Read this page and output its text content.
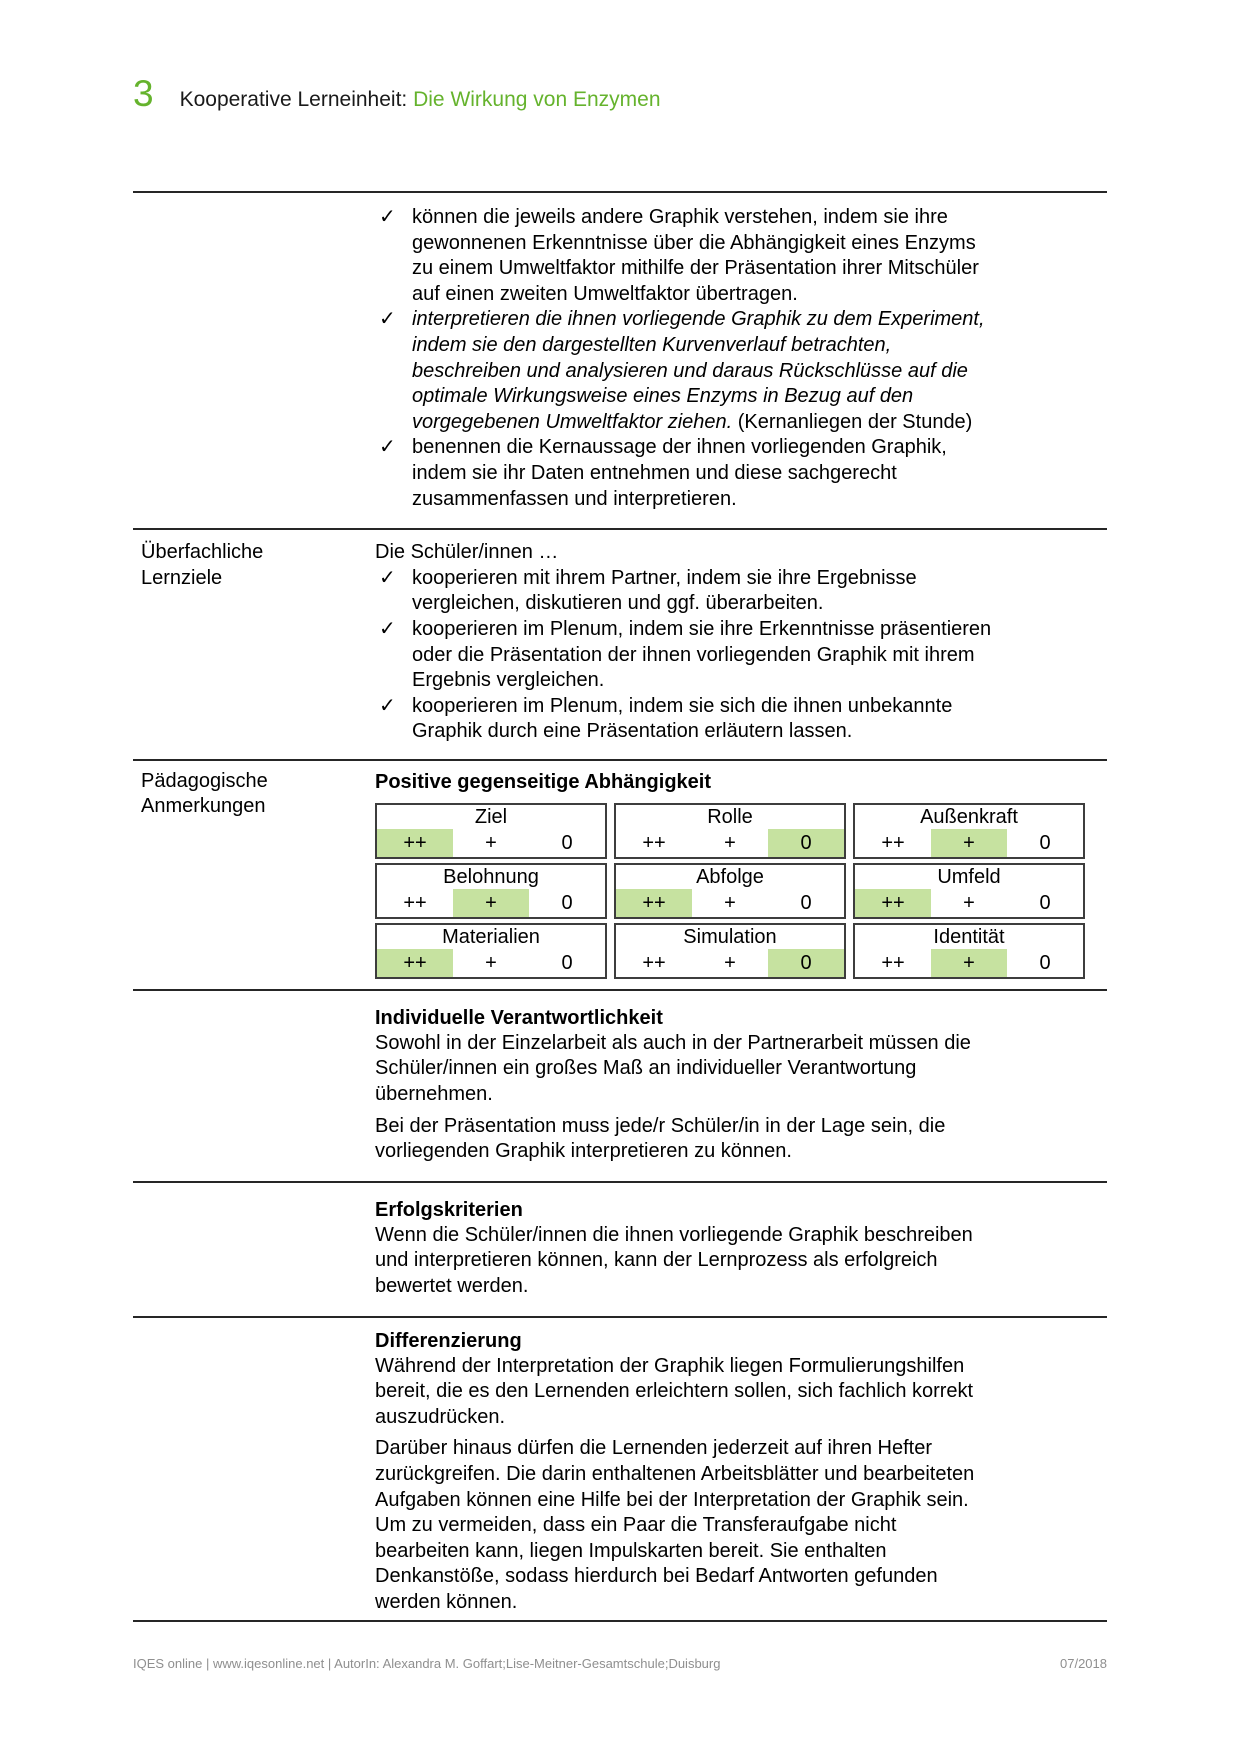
3 Kooperative Lerneinheit: Die Wirkung von Enzymen
✓ können die jeweils andere Graphik verstehen, indem sie ihre
gewonnenen Erkenntnisse über die Abhängigkeit eines Enzyms
zu einem Umweltfaktor mithilfe der Präsentation ihrer Mitschüler
auf einen zweiten Umweltfaktor übertragen.
✓ interpretieren die ihnen vorliegende Graphik zu dem Experiment,
indem sie den dargestellten Kurvenverlauf betrachten,
beschreiben und analysieren und daraus Rückschlüsse auf die
optimale Wirkungsweise eines Enzyms in Bezug auf den
vorgegebenen Umweltfaktor ziehen. (Kernanliegen der Stunde)
✓ benennen die Kernaussage der ihnen vorliegenden Graphik,
indem sie ihr Daten entnehmen und diese sachgerecht
zusammenfassen und interpretieren.
Überfachliche
Lernziele
Die Schüler/innen …
✓ kooperieren mit ihrem Partner, indem sie ihre Ergebnisse
vergleichen, diskutieren und ggf. überarbeiten.
✓ kooperieren im Plenum, indem sie ihre Erkenntnisse präsentieren
oder die Präsentation der ihnen vorliegenden Graphik mit ihrem
Ergebnis vergleichen.
✓ kooperieren im Plenum, indem sie sich die ihnen unbekannte
Graphik durch eine Präsentation erläutern lassen.
Pädagogische
Anmerkungen
Positive gegenseitige Abhängigkeit
Ziel
++	+	0
Rolle
++	+	0
Außenkraft
++	+	0
Belohnung
++	+	0
Abfolge
++	+	0
Umfeld
++	+	0
Materialien
++	+	0
Simulation
++	+	0
Identität
++	+	0
Individuelle Verantwortlichkeit
Sowohl in der Einzelarbeit als auch in der Partnerarbeit müssen die
Schüler/innen ein großes Maß an individueller Verantwortung
übernehmen.
Bei der Präsentation muss jede/r Schüler/in in der Lage sein, die
vorliegenden Graphik interpretieren zu können.
Erfolgskriterien
Wenn die Schüler/innen die ihnen vorliegende Graphik beschreiben
und interpretieren können, kann der Lernprozess als erfolgreich
bewertet werden.
Differenzierung
Während der Interpretation der Graphik liegen Formulierungshilfen
bereit, die es den Lernenden erleichtern sollen, sich fachlich korrekt
auszudrücken.
Darüber hinaus dürfen die Lernenden jederzeit auf ihren Hefter
zurückgreifen. Die darin enthaltenen Arbeitsblätter und bearbeiteten
Aufgaben können eine Hilfe bei der Interpretation der Graphik sein.
Um zu vermeiden, dass ein Paar die Transferaufgabe nicht
bearbeiten kann, liegen Impulskarten bereit. Sie enthalten
Denkanstöße, sodass hierdurch bei Bedarf Antworten gefunden
werden können.
IQES online | www.iqesonline.net | AutorIn: Alexandra M. Goffart;Lise-Meitner-Gesamtschule;Duisburg	07/2018
